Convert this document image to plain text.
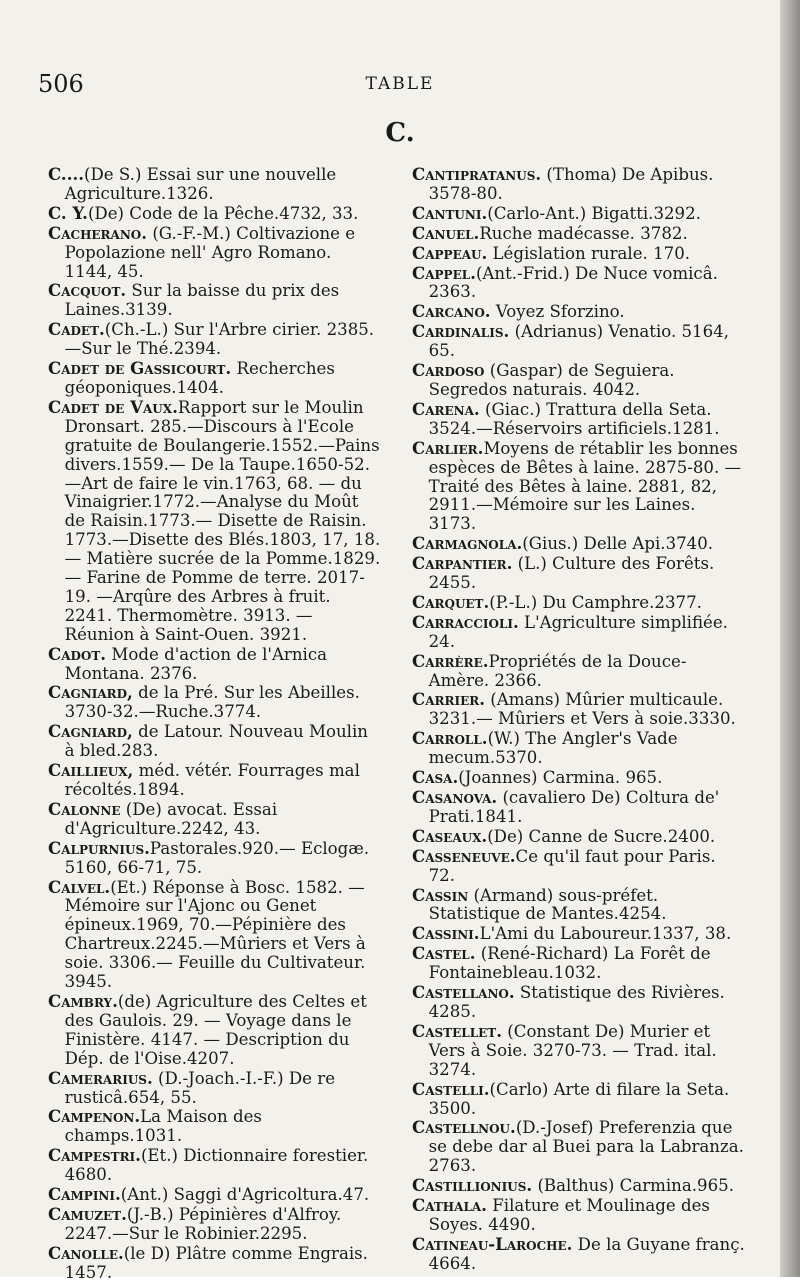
506	TABLE
C.

C....(De S.) Essai sur une nouvelle Agriculture.1326.

C. Y.(De) Code de la Pêche.4732, 33.

Cacherano. (G.-F.-M.) Coltivazione e Popolazione nell' Agro Romano. 1144, 45.

Cacquot. Sur la baisse du prix des Laines.3139.

Cadet.(Ch.-L.) Sur l'Arbre cirier. 2385.—Sur le Thé.2394.

Cadet de Gassicourt. Recherches géoponiques.1404.

Cadet de Vaux.Rapport sur le Moulin Dronsart. 285.—Discours à l'Ecole gratuite de Boulangerie.1552.—Pains divers.1559.— De la Taupe.1650-52. —Art de faire le vin.1763, 68. — du Vinaigrier.1772.—Analyse du Moût de Raisin.1773.— Disette de Raisin. 1773.—Disette des Blés.1803, 17, 18.— Matière sucrée de la Pomme.1829. — Farine de Pomme de terre. 2017-19. —Arqûre des Arbres à fruit. 2241. Thermomètre. 3913. — Réunion à Saint-Ouen. 3921.

Cadot. Mode d'action de l'Arnica Montana. 2376.

Cagniard, de la Pré. Sur les Abeilles. 3730-32.—Ruche.3774.

Cagniard, de Latour. Nouveau Moulin à bled.283.

Caillieux, méd. vétér. Fourrages mal récoltés.1894.

Calonne (De) avocat. Essai d'Agriculture.2242, 43.

Calpurnius.Pastorales.920.— Eclogæ. 5160, 66-71, 75.

Calvel.(Et.) Réponse à Bosc. 1582. — Mémoire sur l'Ajonc ou Genet épineux.1969, 70.—Pépinière des Chartreux.2245.—Mûriers et Vers à soie. 3306.— Feuille du Cultivateur. 3945.

Cambry.(de) Agriculture des Celtes et des Gaulois. 29. — Voyage dans le Finistère. 4147. — Description du Dép. de l'Oise.4207.

Camerarius. (D.-Joach.-I.-F.) De re rusticâ.654, 55.

Campenon.La Maison des champs.1031.

Campestri.(Et.) Dictionnaire forestier. 4680.

Campini.(Ant.) Saggi d'Agricoltura.47.

Camuzet.(J.-B.) Pépinières d'Alfroy. 2247.—Sur le Robinier.2295.

Canolle.(le D) Plâtre comme Engrais. 1457.

Cantipratanus. (Thoma) De Apibus. 3578-80.

Cantuni.(Carlo-Ant.) Bigatti.3292.

Canuel.Ruche madécasse. 3782.

Cappeau. Législation rurale. 170.

Cappel.(Ant.-Frid.) De Nuce vomicâ. 2363.

Carcano. Voyez Sforzino.

Cardinalis. (Adrianus) Venatio. 5164, 65.

Cardoso (Gaspar) de Seguiera. Segredos naturais. 4042.

Carena. (Giac.) Trattura della Seta. 3524.—Réservoirs artificiels.1281.

Carlier.Moyens de rétablir les bonnes espèces de Bêtes à laine. 2875-80. — Traité des Bêtes à laine. 2881, 82, 2911.—Mémoire sur les Laines. 3173.

Carmagnola.(Gius.) Delle Api.3740.

Carpantier. (L.) Culture des Forêts. 2455.

Carquet.(P.-L.) Du Camphre.2377.

Carraccioli. L'Agriculture simplifiée. 24.

Carrère.Propriétés de la Douce-Amère. 2366.

Carrier. (Amans) Mûrier multicaule. 3231.— Mûriers et Vers à soie.3330.

Carroll.(W.) The Angler's Vade mecum.5370.

Casa.(Joannes) Carmina. 965.

Casanova. (cavaliero De) Coltura de' Prati.1841.

Caseaux.(De) Canne de Sucre.2400.

Casseneuve.Ce qu'il faut pour Paris. 72.

Cassin (Armand) sous-préfet. Statistique de Mantes.4254.

Cassini.L'Ami du Laboureur.1337, 38.

Castel. (René-Richard) La Forêt de Fontainebleau.1032.

Castellano. Statistique des Rivières. 4285.

Castellet. (Constant De) Murier et Vers à Soie. 3270-73. — Trad. ital. 3274.

Castelli.(Carlo) Arte di filare la Seta. 3500.

Castellnou.(D.-Josef) Preferenzia que se debe dar al Buei para la Labranza. 2763.

Castillionius. (Balthus) Carmina.965.

Cathala. Filature et Moulinage des Soyes. 4490.

Catineau-Laroche. De la Guyane franç. 4664.
